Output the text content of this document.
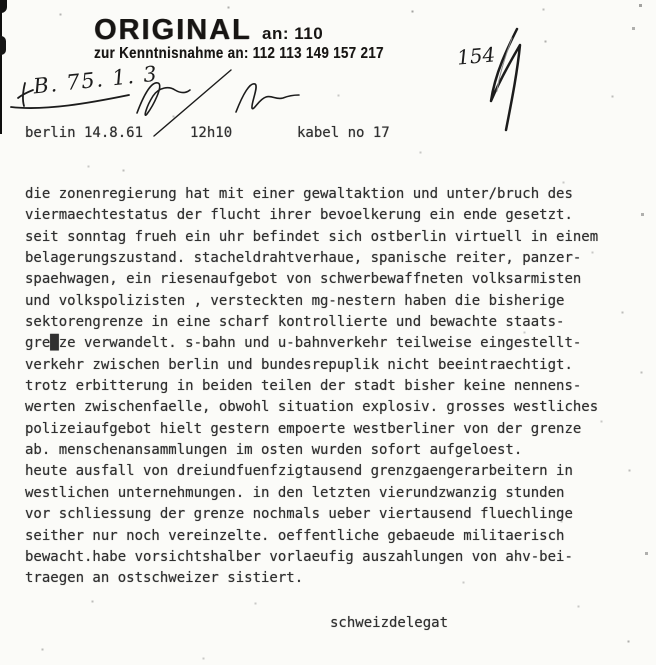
ORIGINAL an: 110
zur Kenntnisnahme an: 112 113 149 157 217	154
B. 75. 1. 3
berlin 14.8.61	12h10	kabel no 17
die zonenregierung hat mit einer gewaltaktion und unter/bruch des
viermaechtestatus der flucht ihrer bevoelkerung ein ende gesetzt.
seit sonntag frueh ein uhr befindet sich ostberlin virtuell in einem
belagerungszustand. stacheldrahtverhaue, spanische reiter, panzer-
spaehwagen, ein riesenaufgebot von schwerbewaffneten volksarmisten
und volkspolizisten , versteckten mg-nestern haben die bisherige
sektorengrenze in eine scharf kontrollierte und bewachte staats-
gre█ze verwandelt. s-bahn und u-bahnverkehr teilweise eingestellt-
verkehr zwischen berlin und bundesrepuplik nicht beeintraechtigt.
trotz erbitterung in beiden teilen der stadt bisher keine nennens-
werten zwischenfaelle, obwohl situation explosiv. grosses westliches
polizeiaufgebot hielt gestern empoerte westberliner von der grenze
ab. menschenansammlungen im osten wurden sofort aufgeloest.
heute ausfall von dreiundfuenfzigtausend grenzgaengerarbeitern in
westlichen unternehmungen. in den letzten vierundzwanzig stunden
vor schliessung der grenze nochmals ueber viertausend fluechlinge
seither nur noch vereinzelte. oeffentliche gebaeude militaerisch
bewacht.habe vorsichtshalber vorlaeufig auszahlungen von ahv-bei-
traegen an ostschweizer sistiert.
schweizdelegat
